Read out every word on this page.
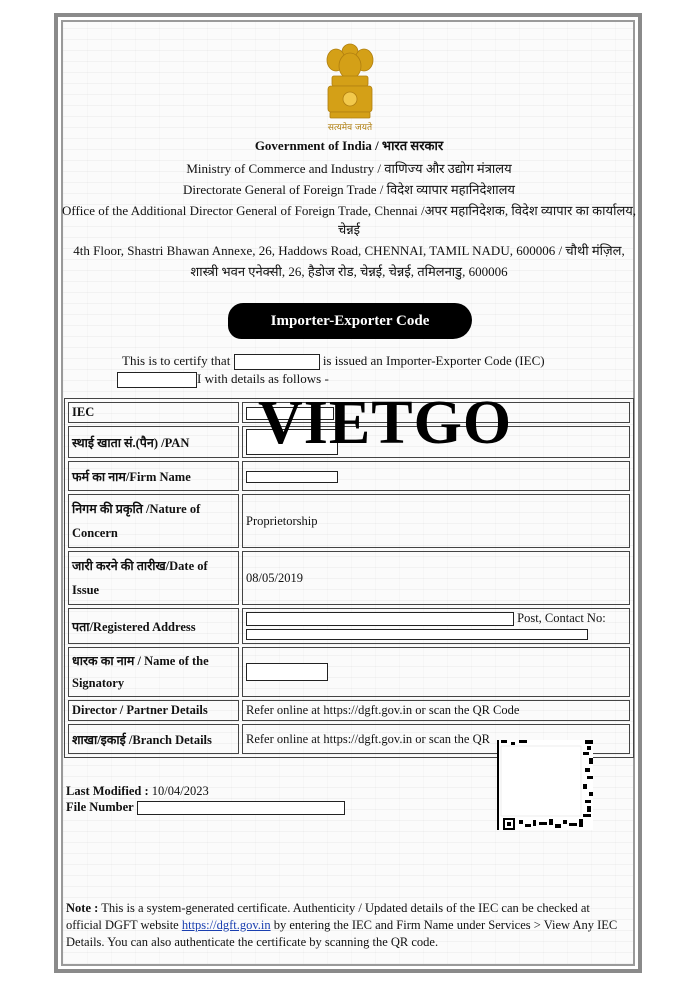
सत्यमेव जयते
Government of India / भारत सरकार
Ministry of Commerce and Industry / वाणिज्य और उद्योग मंत्रालय
Directorate General of Foreign Trade / विदेश व्यापार महानिदेशालय
Office of the Additional Director General of Foreign Trade, Chennai /अपर महानिदेशक, विदेश व्यापार का कार्यालय,
चेन्नई
4th Floor, Shastri Bhawan Annexe, 26, Haddows Road, CHENNAI, TAMIL NADU, 600006 / चौथी मंज़िल,
शास्त्री भवन एनेक्सी, 26, हैडोज रोड, चेन्नई, चेन्नई, तमिलनाडु, 600006
Importer-Exporter Code
This is to certify that	is issued an Importer-Exporter Code (IEC)
I with details as follows -
IEC	
स्थाई खाता सं.(पैन) /PAN	
फर्म का नाम/Firm Name	
निगम की प्रकृति /Nature of Concern	Proprietorship
जारी करने की तारीख/Date of Issue	08/05/2019
पता/Registered Address	Post, Contact No:

धारक का नाम / Name of the Signatory	
Director / Partner Details	Refer online at https://dgft.gov.in or scan the QR Code
शाखा/इकाई /Branch Details	Refer online at https://dgft.gov.in or scan the QR
VIETGO
Last Modified : 10/04/2023
File Number
Note : This is a system-generated certificate. Authenticity / Updated details of the IEC can be checked at official DGFT website https://dgft.gov.in by entering the IEC and Firm Name under Services > View Any IEC Details. You can also authenticate the certificate by scanning the QR code.
